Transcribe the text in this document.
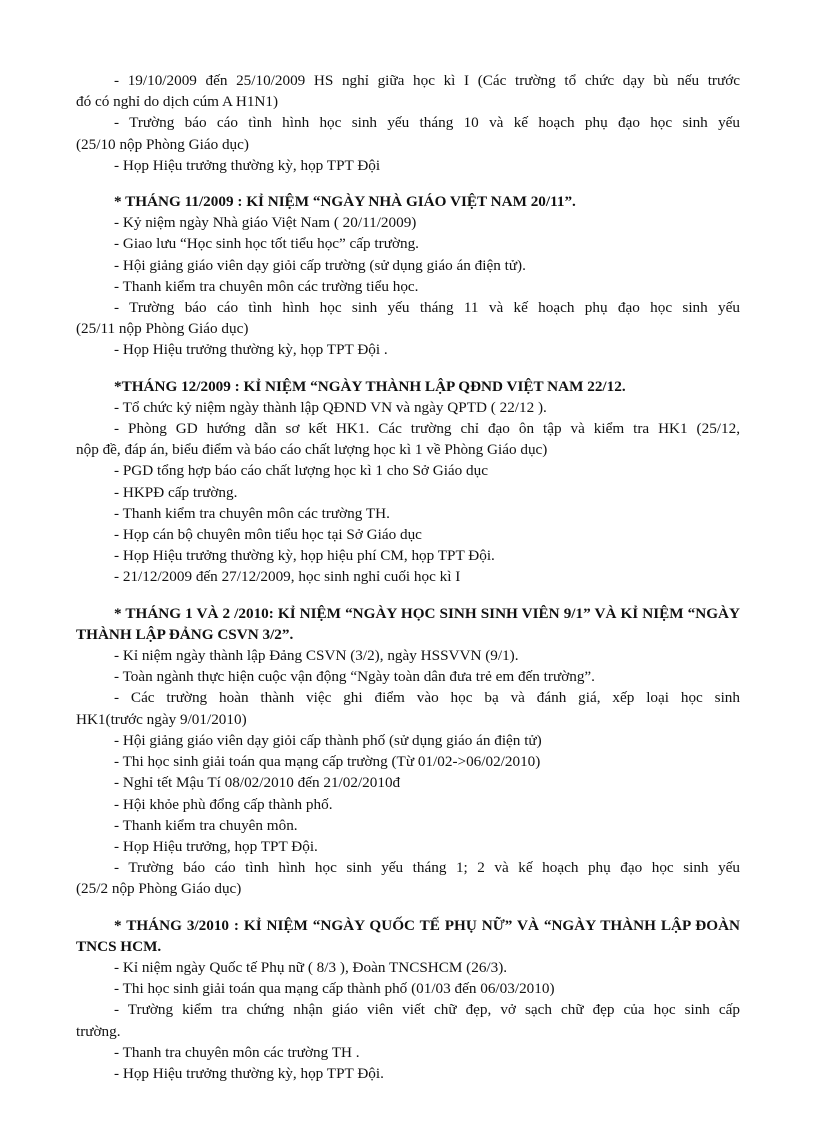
- 19/10/2009 đến 25/10/2009 HS nghỉ giữa học kì I (Các trường tổ chức dạy bù nếu trước
đó có nghỉ do dịch cúm A H1N1)
- Trường báo cáo tình hình học sinh yếu tháng 10 và kế hoạch phụ đạo học sinh yếu
(25/10 nộp Phòng Giáo dục)
- Họp Hiệu trưởng thường kỳ, họp TPT Đội
* THÁNG 11/2009 : KỈ NIỆM “NGÀY NHÀ GIÁO VIỆT NAM 20/11”.
- Kỷ niệm ngày Nhà giáo Việt Nam ( 20/11/2009)
- Giao lưu “Học sinh học tốt tiểu học” cấp trường.
- Hội giảng giáo viên dạy giỏi cấp trường (sử dụng giáo án điện tử).
- Thanh kiểm tra chuyên môn các trường tiểu học.
- Trường báo cáo tình hình học sinh yếu tháng 11 và kế hoạch phụ đạo học sinh yếu
(25/11 nộp Phòng Giáo dục)
- Họp Hiệu trưởng thường kỳ, họp TPT Đội .
*THÁNG 12/2009 : KỈ NIỆM “NGÀY THÀNH LẬP QĐND VIỆT NAM 22/12.
- Tổ chức kỷ niệm ngày thành lập QĐND VN và ngày QPTD ( 22/12 ).
- Phòng GD hướng dẫn sơ kết HK1. Các trường chỉ đạo ôn tập và kiểm tra HK1 (25/12,
nộp đề, đáp án, biểu điểm và báo cáo chất lượng học kì 1 về Phòng Giáo dục)
- PGD tổng hợp báo cáo chất lượng học kì 1 cho Sở Giáo dục
- HKPĐ cấp trường.
- Thanh kiểm tra chuyên môn các trường TH.
- Họp cán bộ chuyên môn tiểu học tại Sở Giáo dục
- Họp Hiệu trưởng thường kỳ, họp hiệu phí CM, họp TPT Đội.
- 21/12/2009 đến 27/12/2009, học sinh nghỉ cuối học kì I
* THÁNG 1 VÀ 2 /2010: KỈ NIỆM “NGÀY HỌC SINH SINH VIÊN 9/1” VÀ KỈ NIỆM “NGÀY
THÀNH LẬP ĐẢNG CSVN 3/2”.
- Kỉ niệm ngày thành lập Đảng CSVN (3/2), ngày HSSVVN (9/1).
- Toàn ngành thực hiện cuộc vận động “Ngày toàn dân đưa trẻ em đến trường”.
- Các trường hoàn thành việc ghi điểm vào học bạ và đánh giá, xếp loại học sinh
HK1(trước ngày 9/01/2010)
- Hội giảng giáo viên dạy giỏi cấp thành phố (sử dụng giáo án điện tử)
- Thi học sinh giải toán qua mạng cấp trường (Từ 01/02->06/02/2010)
- Nghỉ tết Mậu Tí 08/02/2010 đến 21/02/2010đ
- Hội khỏe phù đổng cấp thành phố.
- Thanh kiểm tra chuyên môn.
- Họp Hiệu trưởng, họp TPT Đội.
- Trường báo cáo tình hình học sinh yếu tháng 1; 2 và kế hoạch phụ đạo học sinh yếu
(25/2 nộp Phòng Giáo dục)
* THÁNG 3/2010 : KỈ NIỆM “NGÀY QUỐC TẾ PHỤ NỮ” VÀ “NGÀY THÀNH LẬP ĐOÀN
TNCS HCM.
- Kỉ niệm ngày Quốc tế Phụ nữ ( 8/3 ), Đoàn TNCSHCM (26/3).
- Thi học sinh giải toán qua mạng cấp thành phố (01/03 đến 06/03/2010)
- Trường kiểm tra chứng nhận giáo viên viết chữ đẹp, vở sạch chữ đẹp của học sinh cấp
trường.
- Thanh tra chuyên môn các trường TH .
- Họp Hiệu trưởng thường kỳ, họp TPT Đội.
